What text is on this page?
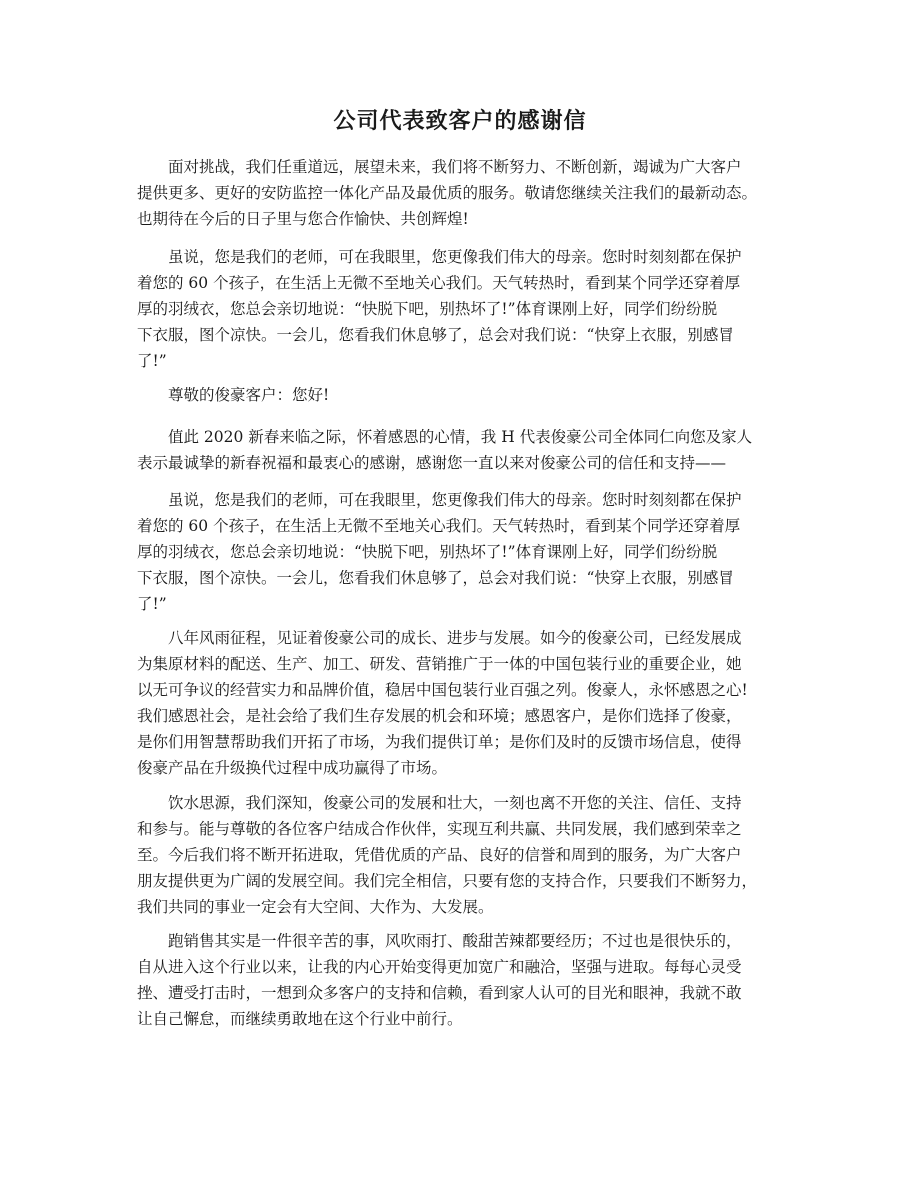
公司代表致客户的感谢信

面对挑战，我们任重道远，展望未来，我们将不断努力、不断创新，竭诚为广大客户
提供更多、更好的安防监控一体化产品及最优质的服务。敬请您继续关注我们的最新动态。
也期待在今后的日子里与您合作愉快、共创辉煌!

虽说，您是我们的老师，可在我眼里，您更像我们伟大的母亲。您时时刻刻都在保护
着您的 60 个孩子，在生活上无微不至地关心我们。天气转热时，看到某个同学还穿着厚
厚的羽绒衣，您总会亲切地说：“快脱下吧，别热坏了!”体育课刚上好，同学们纷纷脱
下衣服，图个凉快。一会儿，您看我们休息够了，总会对我们说：“快穿上衣服，别感冒
了!”

尊敬的俊豪客户：您好!

值此 2020 新春来临之际，怀着感恩的心情，我 H 代表俊豪公司全体同仁向您及家人
表示最诚挚的新春祝福和最衷心的感谢，感谢您一直以来对俊豪公司的信任和支持——

虽说，您是我们的老师，可在我眼里，您更像我们伟大的母亲。您时时刻刻都在保护
着您的 60 个孩子，在生活上无微不至地关心我们。天气转热时，看到某个同学还穿着厚
厚的羽绒衣，您总会亲切地说：“快脱下吧，别热坏了!”体育课刚上好，同学们纷纷脱
下衣服，图个凉快。一会儿，您看我们休息够了，总会对我们说：“快穿上衣服，别感冒
了!”

八年风雨征程，见证着俊豪公司的成长、进步与发展。如今的俊豪公司，已经发展成
为集原材料的配送、生产、加工、研发、营销推广于一体的中国包装行业的重要企业，她
以无可争议的经营实力和品牌价值，稳居中国包装行业百强之列。俊豪人，永怀感恩之心!
我们感恩社会，是社会给了我们生存发展的机会和环境；感恩客户，是你们选择了俊豪，
是你们用智慧帮助我们开拓了市场，为我们提供订单；是你们及时的反馈市场信息，使得
俊豪产品在升级换代过程中成功赢得了市场。

饮水思源，我们深知，俊豪公司的发展和壮大，一刻也离不开您的关注、信任、支持
和参与。能与尊敬的各位客户结成合作伙伴，实现互利共赢、共同发展，我们感到荣幸之
至。今后我们将不断开拓进取，凭借优质的产品、良好的信誉和周到的服务，为广大客户
朋友提供更为广阔的发展空间。我们完全相信，只要有您的支持合作，只要我们不断努力，
我们共同的事业一定会有大空间、大作为、大发展。

跑销售其实是一件很辛苦的事，风吹雨打、酸甜苦辣都要经历；不过也是很快乐的，
自从进入这个行业以来，让我的内心开始变得更加宽广和融洽，坚强与进取。每每心灵受
挫、遭受打击时，一想到众多客户的支持和信赖，看到家人认可的目光和眼神，我就不敢
让自己懈怠，而继续勇敢地在这个行业中前行。
